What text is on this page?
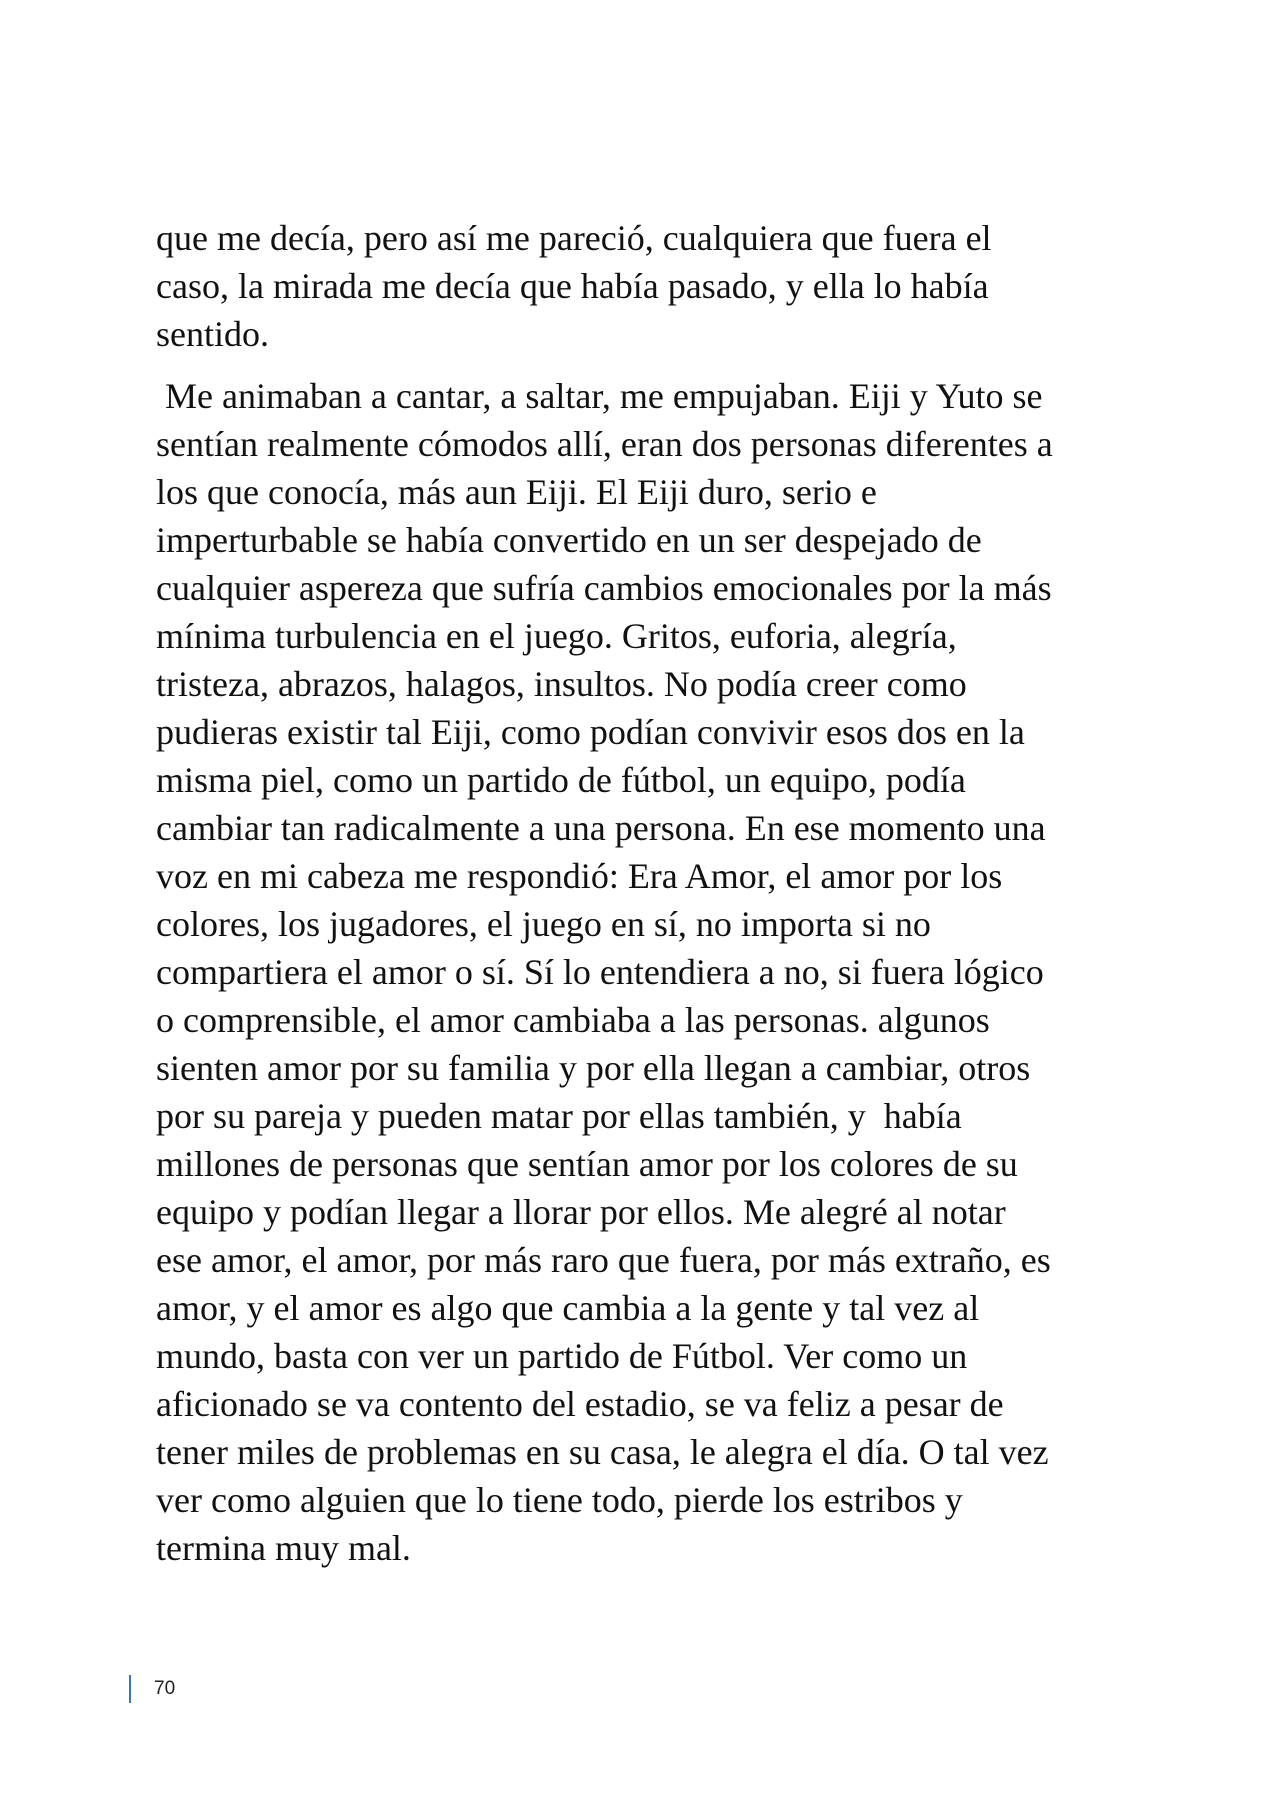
que me decía, pero así me pareció, cualquiera que fuera el
caso, la mirada me decía que había pasado, y ella lo había
sentido.
Me animaban a cantar, a saltar, me empujaban. Eiji y Yuto se
sentían realmente cómodos allí, eran dos personas diferentes a
los que conocía, más aun Eiji. El Eiji duro, serio e
imperturbable se había convertido en un ser despejado de
cualquier aspereza que sufría cambios emocionales por la más
mínima turbulencia en el juego. Gritos, euforia, alegría,
tristeza, abrazos, halagos, insultos. No podía creer como
pudieras existir tal Eiji, como podían convivir esos dos en la
misma piel, como un partido de fútbol, un equipo, podía
cambiar tan radicalmente a una persona. En ese momento una
voz en mi cabeza me respondió: Era Amor, el amor por los
colores, los jugadores, el juego en sí, no importa si no
compartiera el amor o sí. Sí lo entendiera a no, si fuera lógico
o comprensible, el amor cambiaba a las personas. algunos
sienten amor por su familia y por ella llegan a cambiar, otros
por su pareja y pueden matar por ellas también, y  había
millones de personas que sentían amor por los colores de su
equipo y podían llegar a llorar por ellos. Me alegré al notar
ese amor, el amor, por más raro que fuera, por más extraño, es
amor, y el amor es algo que cambia a la gente y tal vez al
mundo, basta con ver un partido de Fútbol. Ver como un
aficionado se va contento del estadio, se va feliz a pesar de
tener miles de problemas en su casa, le alegra el día. O tal vez
ver como alguien que lo tiene todo, pierde los estribos y
termina muy mal.
70
